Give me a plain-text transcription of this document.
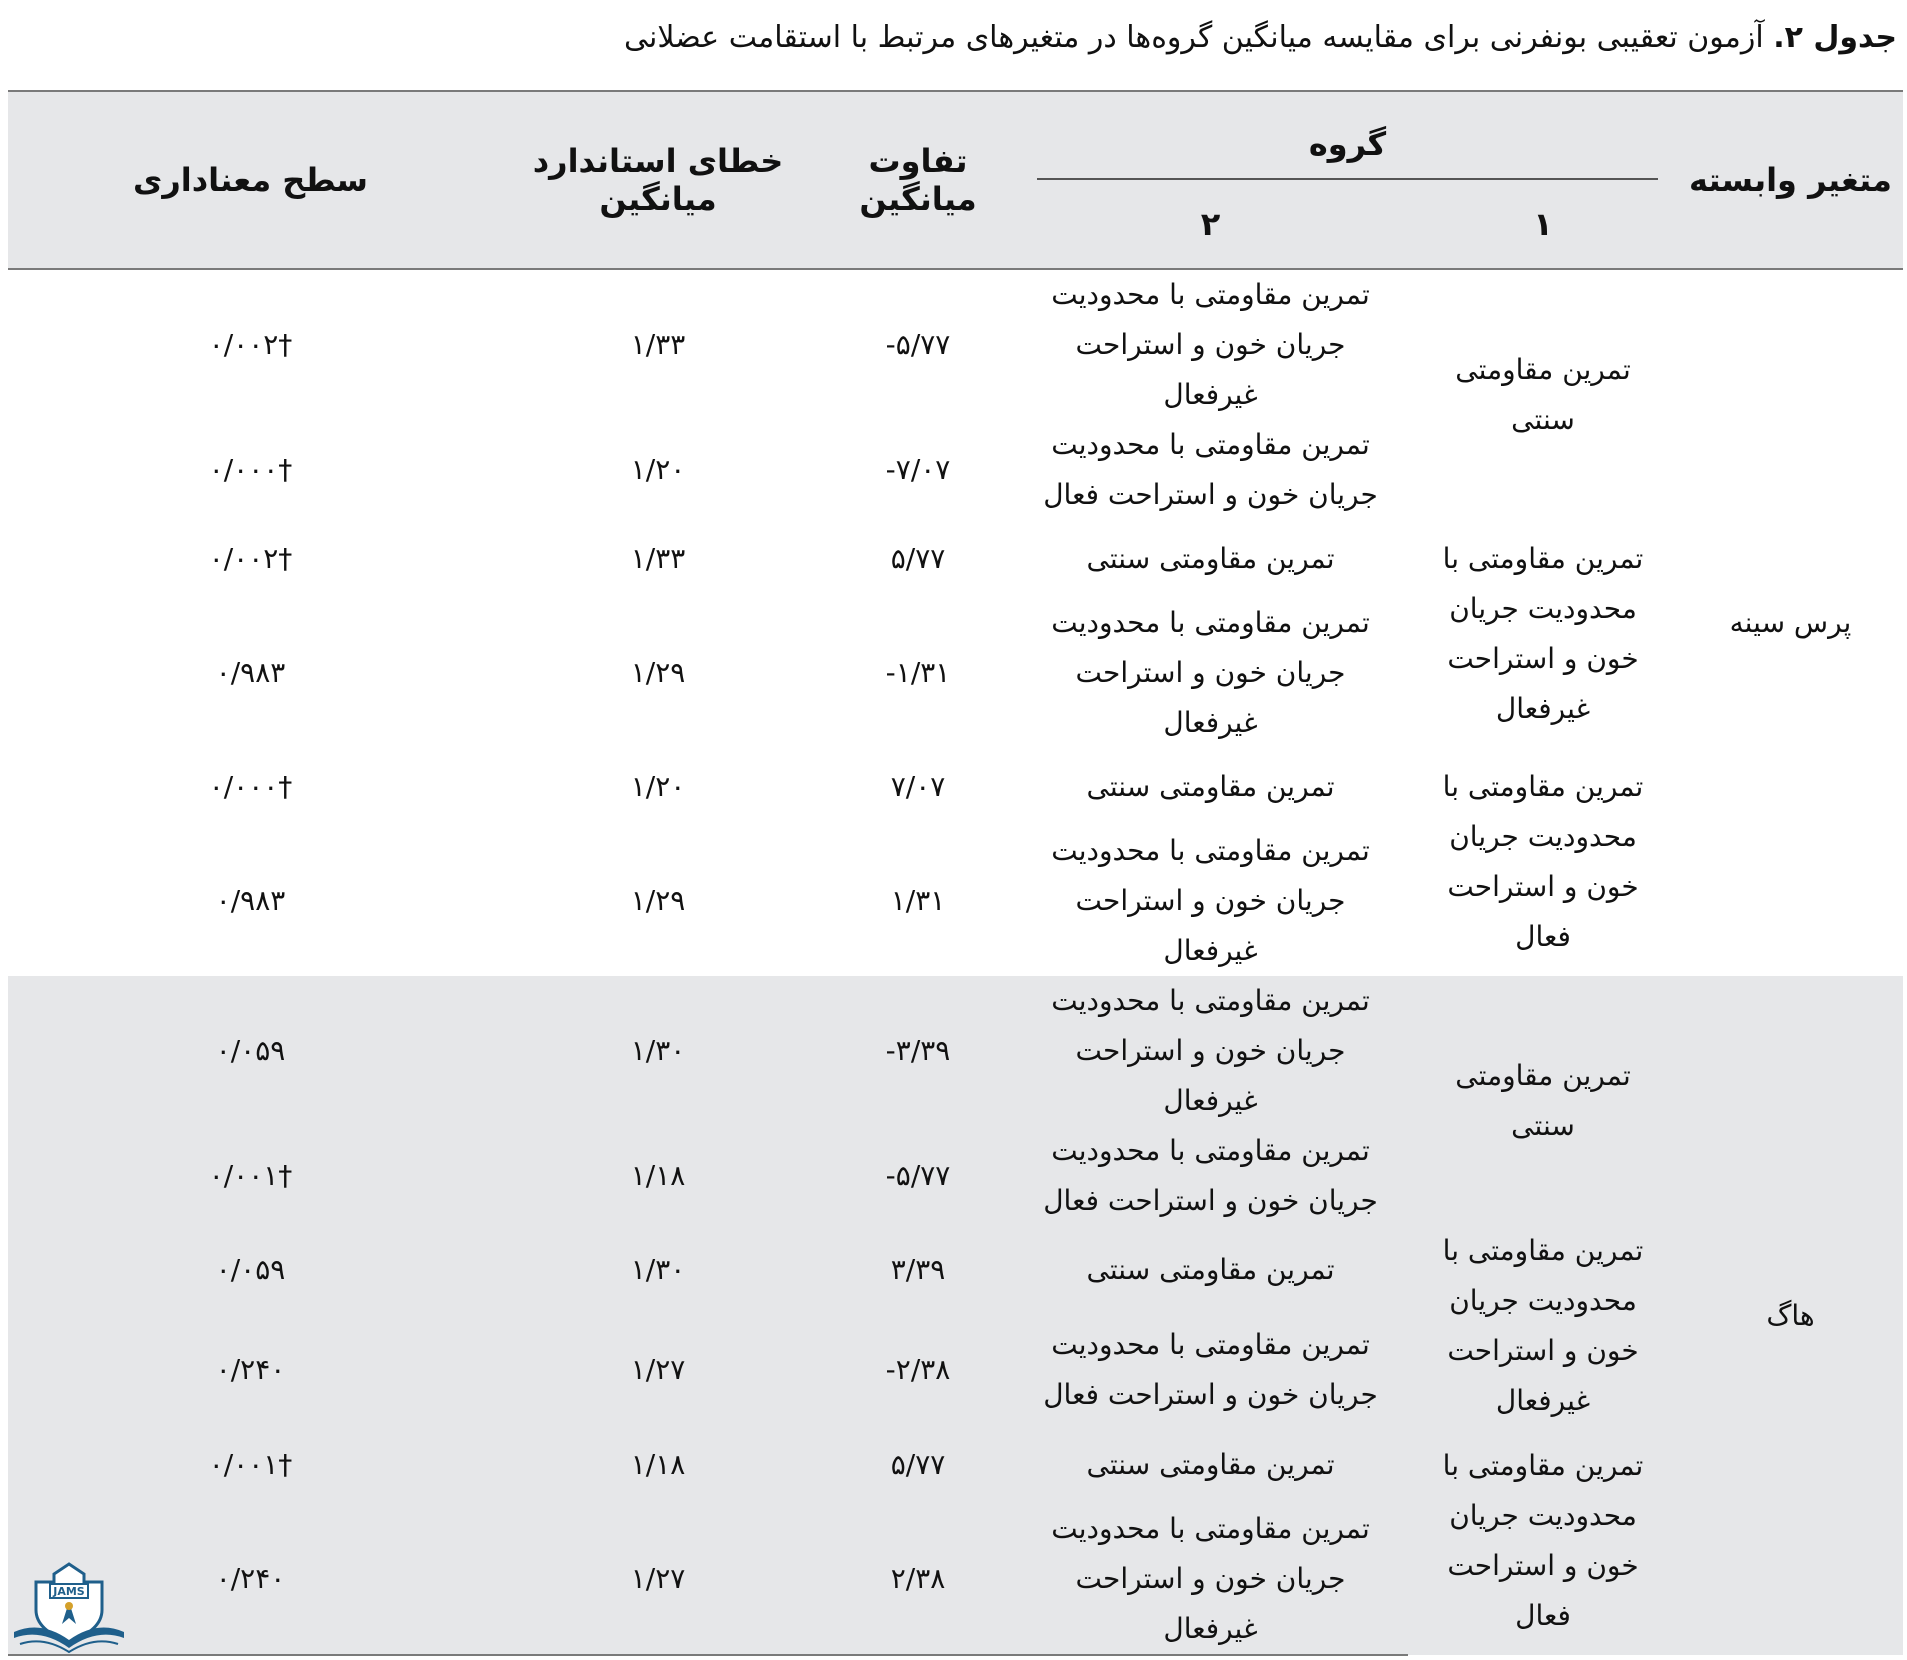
جدول ۲. آزمون تعقیبی بونفرنی برای مقایسه میانگین گروه‌ها در متغیرهای مرتبط با استقامت عضلانی
متغیر وابسته	گروه		تفاوت میانگین	خطای استاندارد میانگین	سطح معناداری
	۱	۲			
پرس سینه	تمرین مقاومتی سنتی	تمرین مقاومتی با محدودیت جریان خون و استراحت غیرفعال	-۵/۷۷	۱/۳۳	۰/۰۰۲†
		تمرین مقاومتی با محدودیت جریان خون و استراحت فعال	-۷/۰۷	۱/۲۰	۰/۰۰۰†
	تمرین مقاومتی با محدودیت جریان خون و استراحت غیرفعال	تمرین مقاومتی سنتی	۵/۷۷	۱/۳۳	۰/۰۰۲†
		تمرین مقاومتی با محدودیت جریان خون و استراحت غیرفعال	-۱/۳۱	۱/۲۹	۰/۹۸۳
	تمرین مقاومتی با محدودیت جریان خون و استراحت فعال	تمرین مقاومتی سنتی	۷/۰۷	۱/۲۰	۰/۰۰۰†
		تمرین مقاومتی با محدودیت جریان خون و استراحت غیرفعال	۱/۳۱	۱/۲۹	۰/۹۸۳
هاگ	تمرین مقاومتی سنتی	تمرین مقاومتی با محدودیت جریان خون و استراحت غیرفعال	-۳/۳۹	۱/۳۰	۰/۰۵۹
		تمرین مقاومتی با محدودیت جریان خون و استراحت فعال	-۵/۷۷	۱/۱۸	۰/۰۰۱†
	تمرین مقاومتی با محدودیت جریان خون و استراحت غیرفعال	تمرین مقاومتی سنتی	۳/۳۹	۱/۳۰	۰/۰۵۹
		تمرین مقاومتی با محدودیت جریان خون و استراحت فعال	-۲/۳۸	۱/۲۷	۰/۲۴۰
	تمرین مقاومتی با محدودیت جریان خون و استراحت فعال	تمرین مقاومتی سنتی	۵/۷۷	۱/۱۸	۰/۰۰۱†
		تمرین مقاومتی با محدودیت جریان خون و استراحت غیرفعال	۲/۳۸	۱/۲۷	۰/۲۴۰
JAMS
